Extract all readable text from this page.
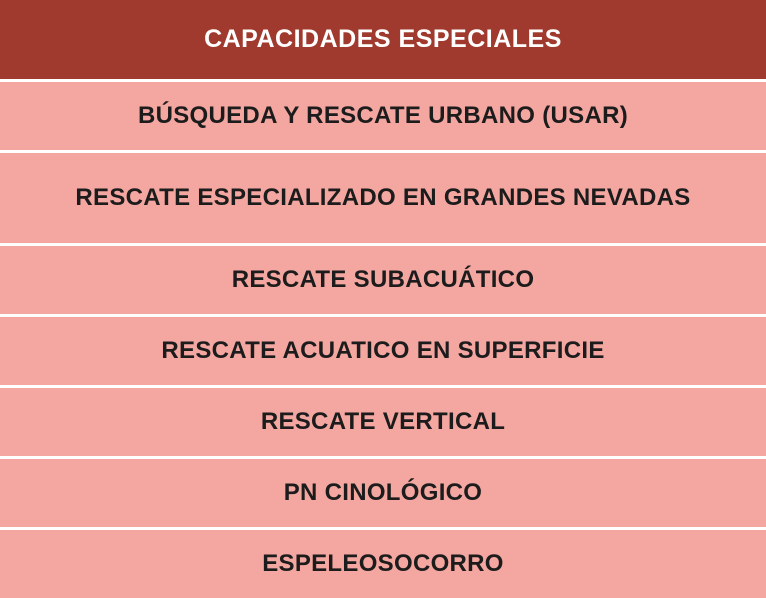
CAPACIDADES ESPECIALES
BÚSQUEDA Y RESCATE URBANO (USAR)
RESCATE ESPECIALIZADO EN GRANDES NEVADAS
RESCATE SUBACUÁTICO
RESCATE ACUATICO EN SUPERFICIE
RESCATE VERTICAL
PN CINOLÓGICO
ESPELEOSOCORRO
